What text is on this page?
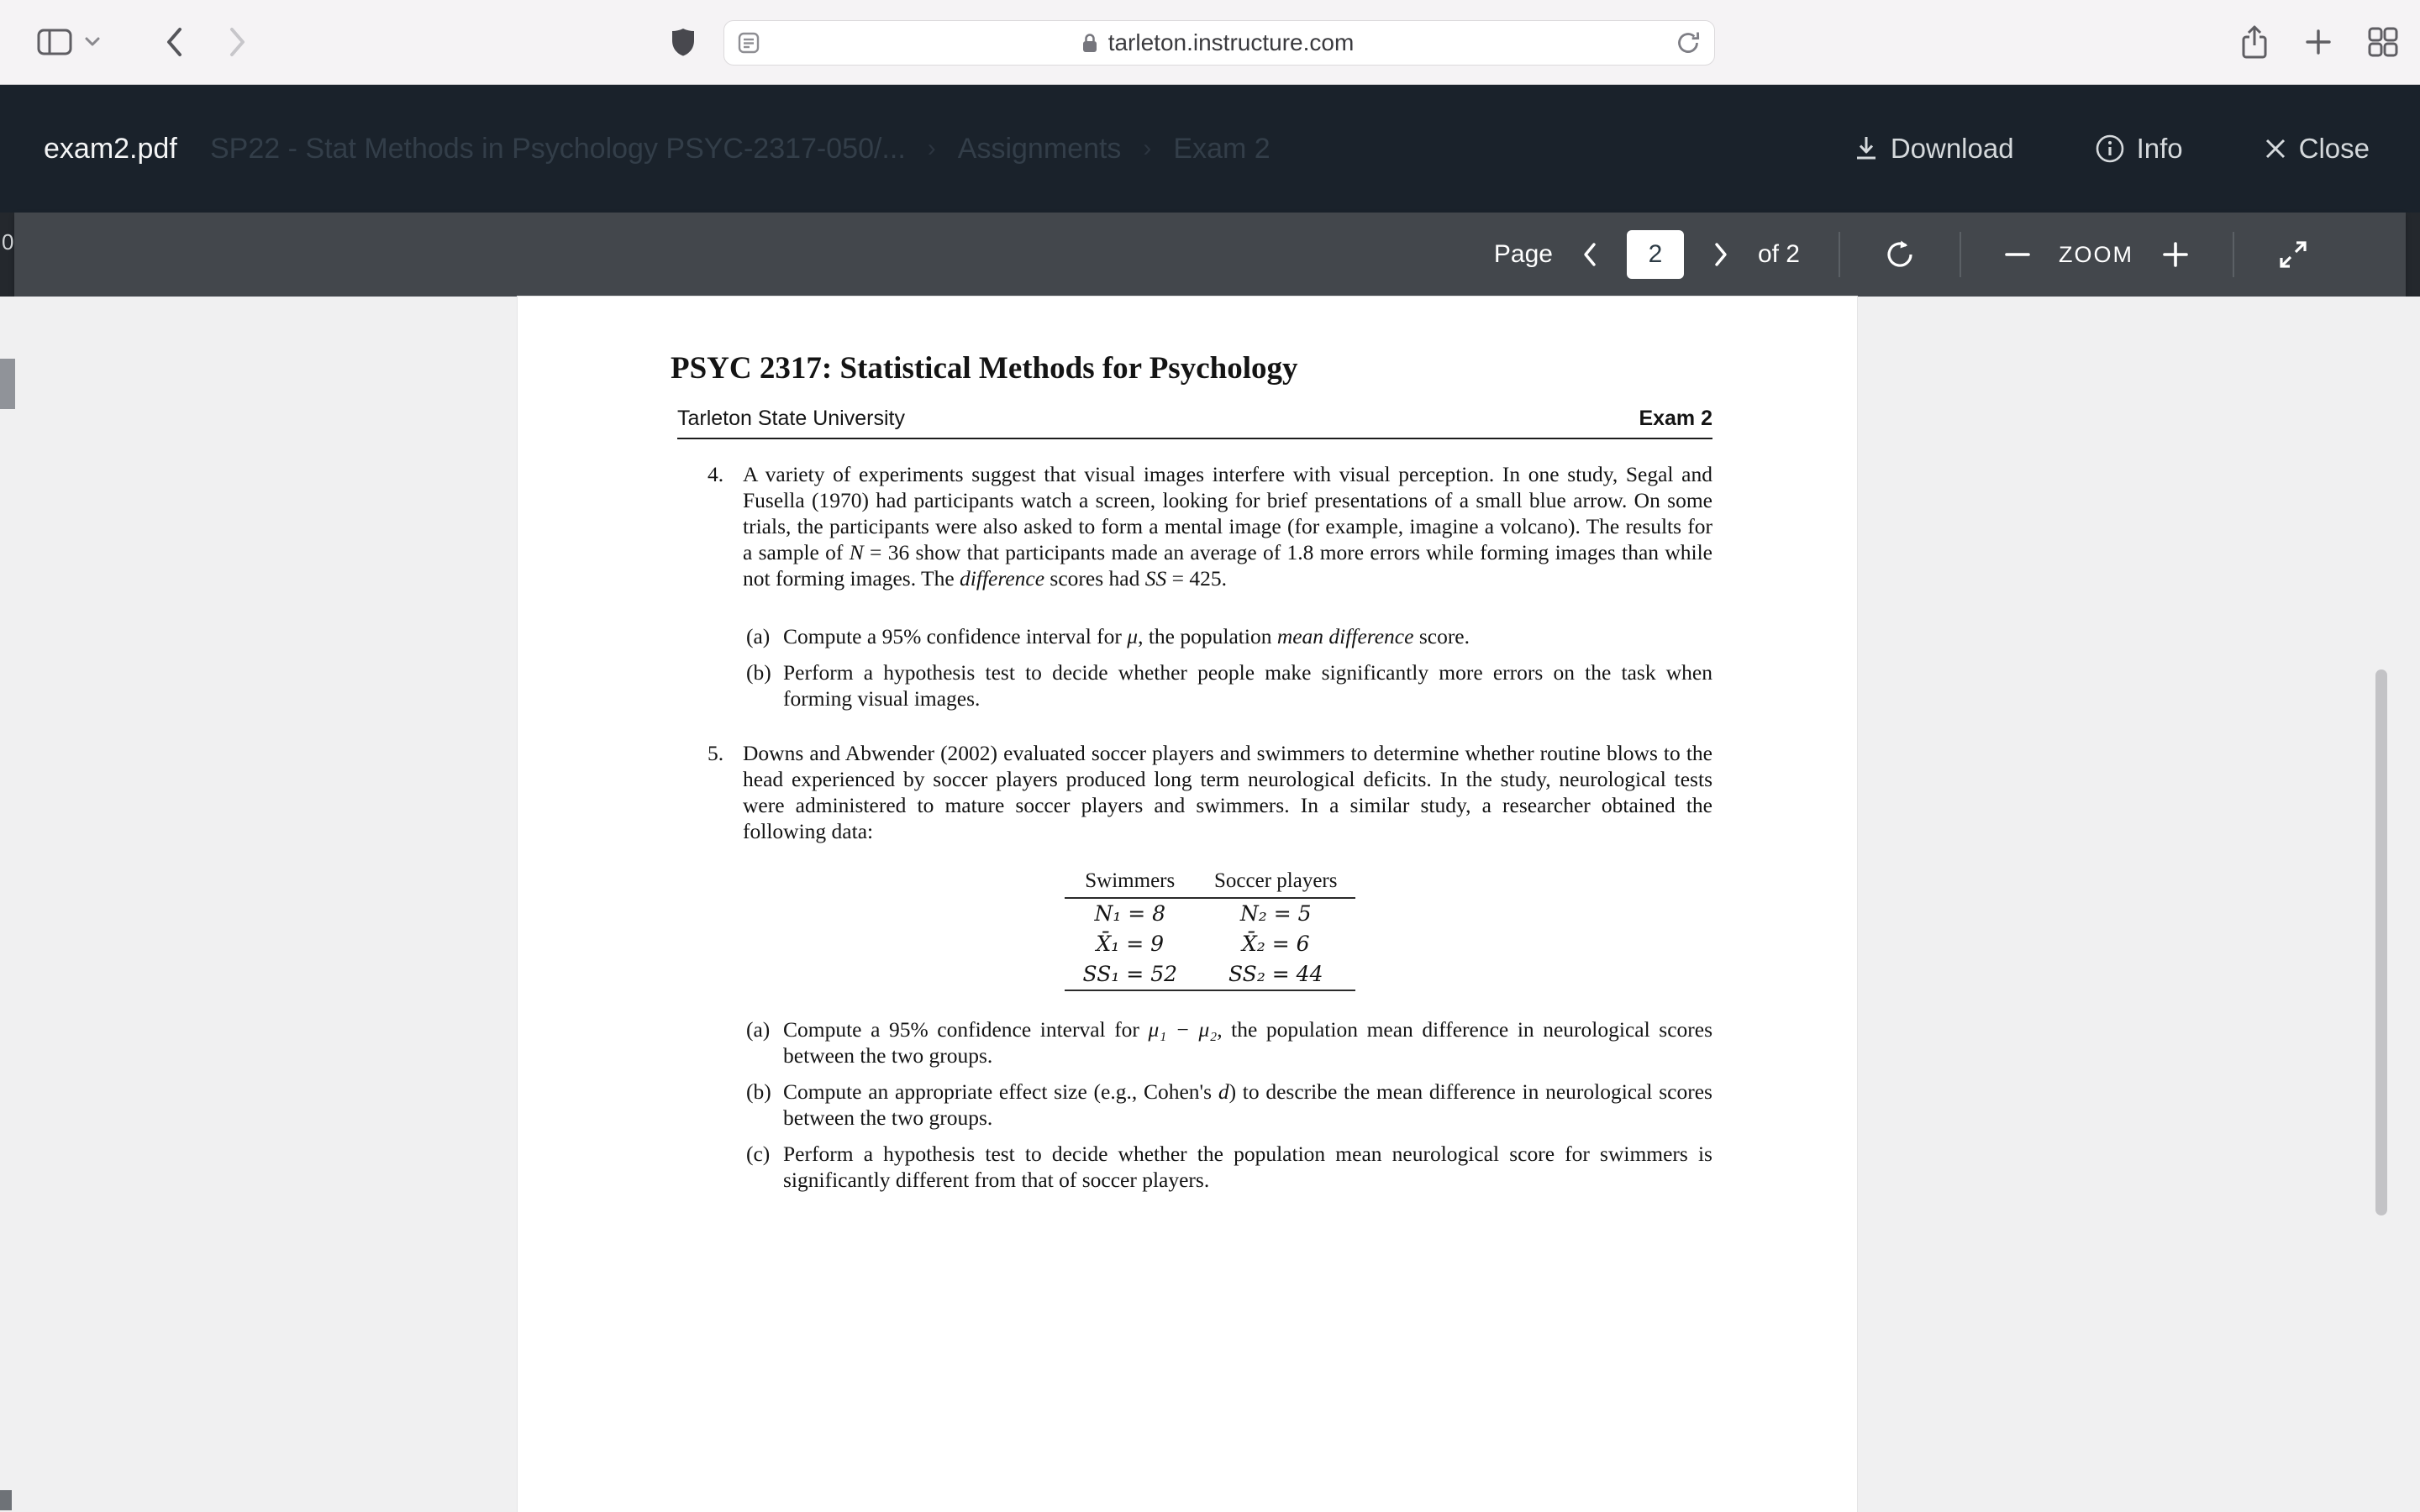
tarleton.instructure.com
SP22 - Stat Methods in Psychology PSYC-2317-050/... › Assignments › Exam 2
exam2.pdf	Download	Info	Close
0	Page
2	of 2	ZOOM
PSYC 2317: Statistical Methods for Psychology
Tarleton State University	Exam 2
4. A variety of experiments suggest that visual images interfere with visual perception. In one study, Segal and Fusella (1970) had participants watch a screen, looking for brief presentations of a small blue arrow. On some trials, the participants were also asked to form a mental image (for example, imagine a volcano). The results for a sample of N = 36 show that participants made an average of 1.8 more errors while forming images than while not forming images. The difference scores had SS = 425.

(a) Compute a 95% confidence interval for μ, the population mean difference score.

(b) Perform a hypothesis test to decide whether people make significantly more errors on the task when forming visual images.

5. Downs and Abwender (2002) evaluated soccer players and swimmers to determine whether routine blows to the head experienced by soccer players produced long term neurological deficits. In the study, neurological tests were administered to mature soccer players and swimmers. In a similar study, a researcher obtained the following data:

Swimmers	Soccer players
N₁ = 8	N₂ = 5
X̄₁ = 9	X̄₂ = 6
SS₁ = 52	SS₂ = 44
(a) Compute a 95% confidence interval for μ₁ − μ₂, the population mean difference in neurological scores between the two groups.

(b) Compute an appropriate effect size (e.g., Cohen's d) to describe the mean difference in neurological scores between the two groups.

(c) Perform a hypothesis test to decide whether the population mean neurological score for swimmers is significantly different from that of soccer players.
